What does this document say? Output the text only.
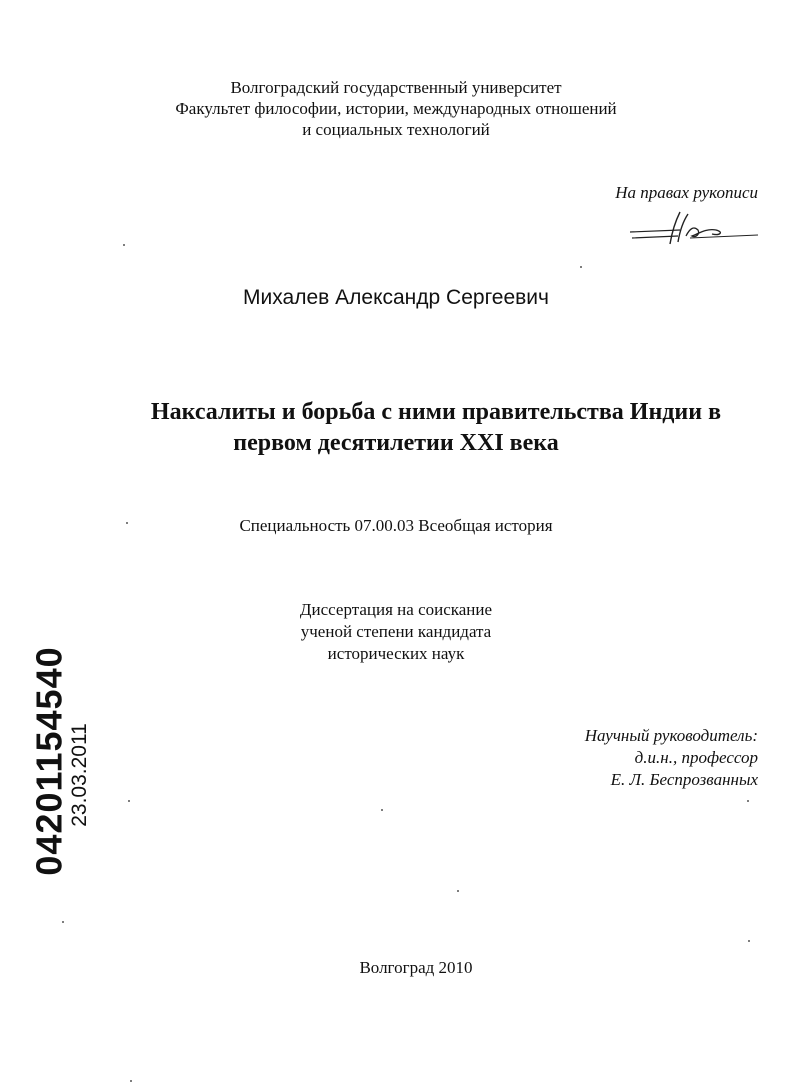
Волгоградский государственный университет
Факультет философии, истории, международных отношений
и социальных технологий
На правах рукописи
Михалев Александр Сергеевич
Наксалиты и борьба с ними правительства Индии в
первом десятилетии XXI века
Специальность 07.00.03 Всеобщая история
Диссертация на соискание
ученой степени кандидата
исторических наук
Научный руководитель:
д.и.н., профессор
Е. Л. Беспрозванных
Волгоград 2010
04201154540
23.03.2011
